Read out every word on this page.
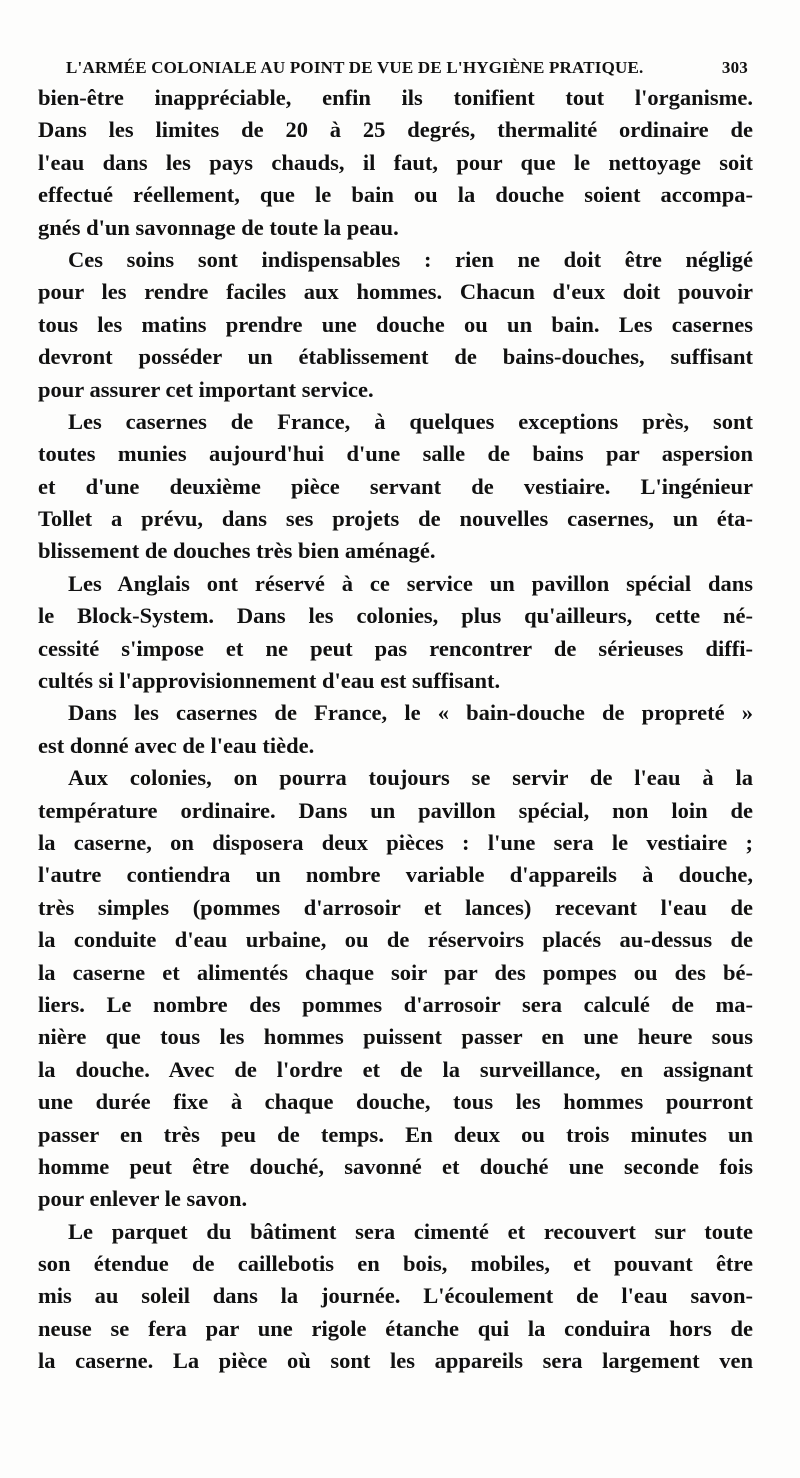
L'ARMÉE COLONIALE AU POINT DE VUE DE L'HYGIÈNE PRATIQUE.	303
bien-être inappréciable, enfin ils tonifient tout l'organisme.
Dans les limites de 20 à 25 degrés, thermalité ordinaire de
l'eau dans les pays chauds, il faut, pour que le nettoyage soit
effectué réellement, que le bain ou la douche soient accompa-
gnés d'un savonnage de toute la peau.
Ces soins sont indispensables : rien ne doit être négligé
pour les rendre faciles aux hommes. Chacun d'eux doit pouvoir
tous les matins prendre une douche ou un bain. Les casernes
devront posséder un établissement de bains-douches, suffisant
pour assurer cet important service.
Les casernes de France, à quelques exceptions près, sont
toutes munies aujourd'hui d'une salle de bains par aspersion
et d'une deuxième pièce servant de vestiaire. L'ingénieur
Tollet a prévu, dans ses projets de nouvelles casernes, un éta-
blissement de douches très bien aménagé.
Les Anglais ont réservé à ce service un pavillon spécial dans
le Block-System. Dans les colonies, plus qu'ailleurs, cette né-
cessité s'impose et ne peut pas rencontrer de sérieuses diffi-
cultés si l'approvisionnement d'eau est suffisant.
Dans les casernes de France, le « bain-douche de propreté »
est donné avec de l'eau tiède.
Aux colonies, on pourra toujours se servir de l'eau à la
température ordinaire. Dans un pavillon spécial, non loin de
la caserne, on disposera deux pièces : l'une sera le vestiaire ;
l'autre contiendra un nombre variable d'appareils à douche,
très simples (pommes d'arrosoir et lances) recevant l'eau de
la conduite d'eau urbaine, ou de réservoirs placés au-dessus de
la caserne et alimentés chaque soir par des pompes ou des bé-
liers. Le nombre des pommes d'arrosoir sera calculé de ma-
nière que tous les hommes puissent passer en une heure sous
la douche. Avec de l'ordre et de la surveillance, en assignant
une durée fixe à chaque douche, tous les hommes pourront
passer en très peu de temps. En deux ou trois minutes un
homme peut être douché, savonné et douché une seconde fois
pour enlever le savon.
Le parquet du bâtiment sera cimenté et recouvert sur toute
son étendue de caillebotis en bois, mobiles, et pouvant être
mis au soleil dans la journée. L'écoulement de l'eau savon-
neuse se fera par une rigole étanche qui la conduira hors de
la caserne. La pièce où sont les appareils sera largement ven
